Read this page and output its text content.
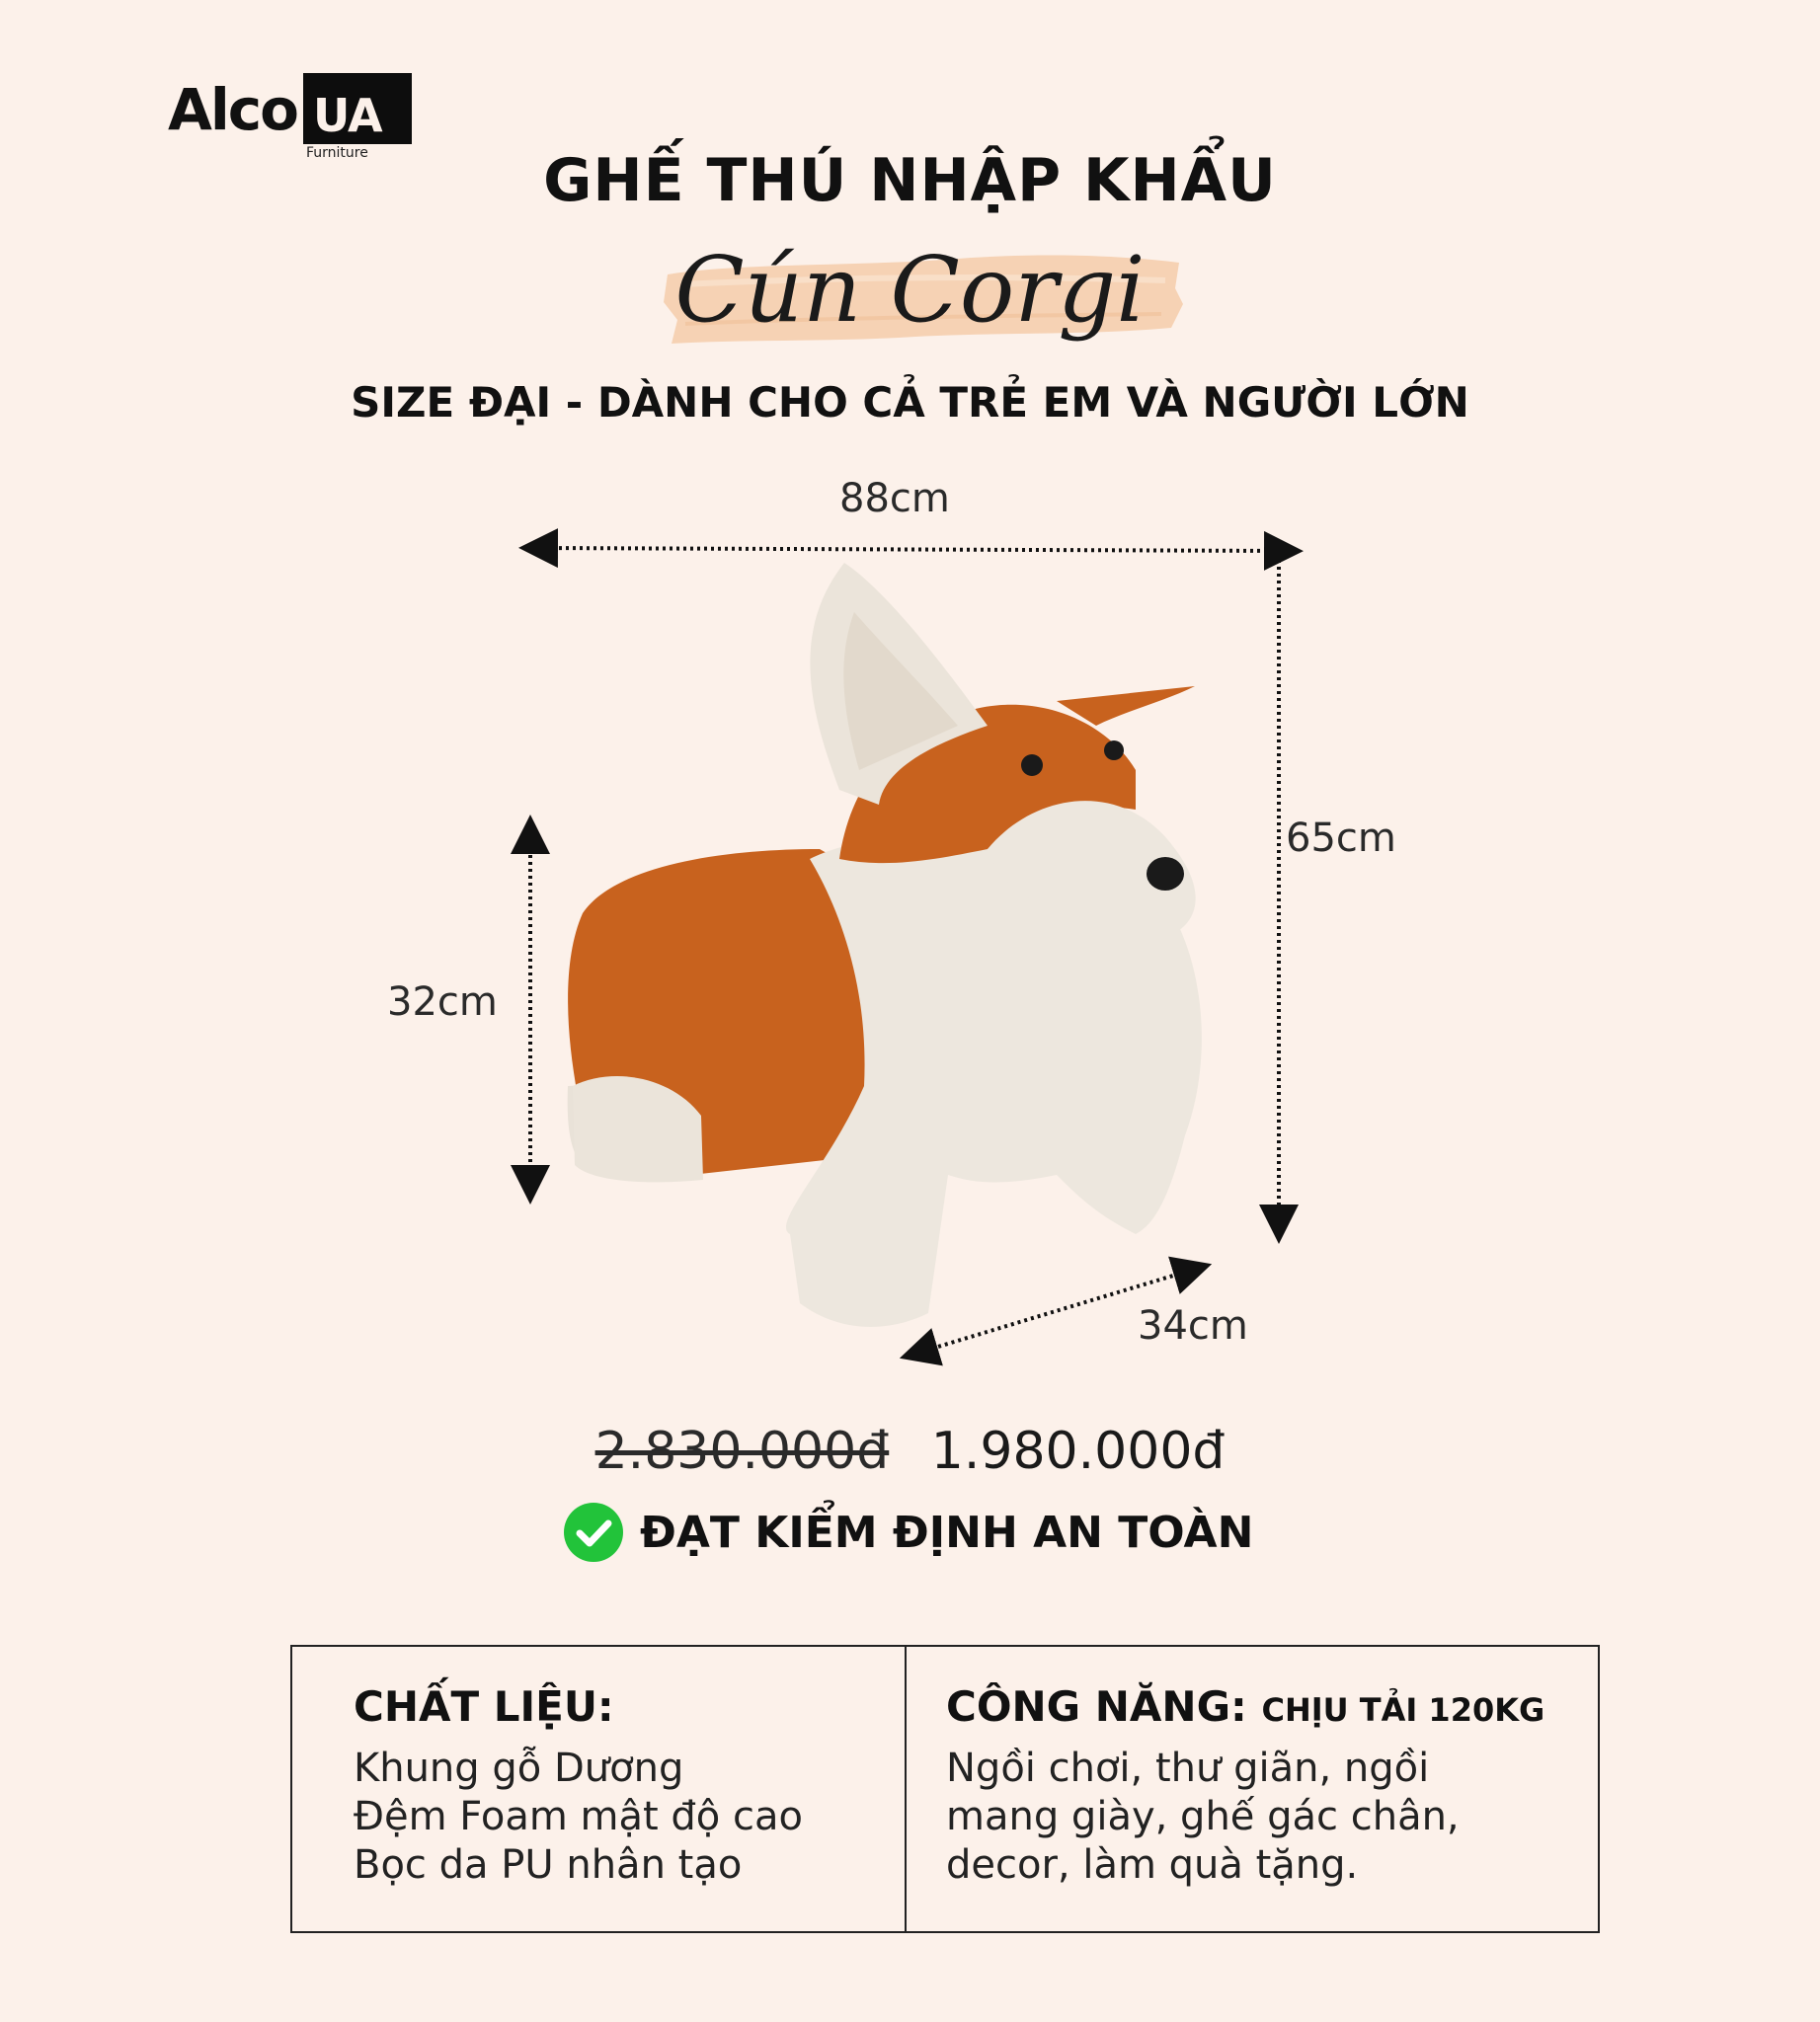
Alco UA
Furniture	GHẾ THÚ NHẬP KHẨU
Cún Corgi
SIZE ĐẠI - DÀNH CHO CẢ TRẺ EM VÀ NGƯỜI LỚN
88cm
65cm
32cm
34cm
2.830.000đ 1.980.000đ
ĐẠT KIỂM ĐỊNH AN TOÀN
CHẤT LIỆU:
Khung gỗ Dương
Đệm Foam mật độ cao
Bọc da PU nhân tạo
CÔNG NĂNG: CHỊU TẢI 120KG
Ngồi chơi, thư giãn, ngồi
mang giày, ghế gác chân,
decor, làm quà tặng.
